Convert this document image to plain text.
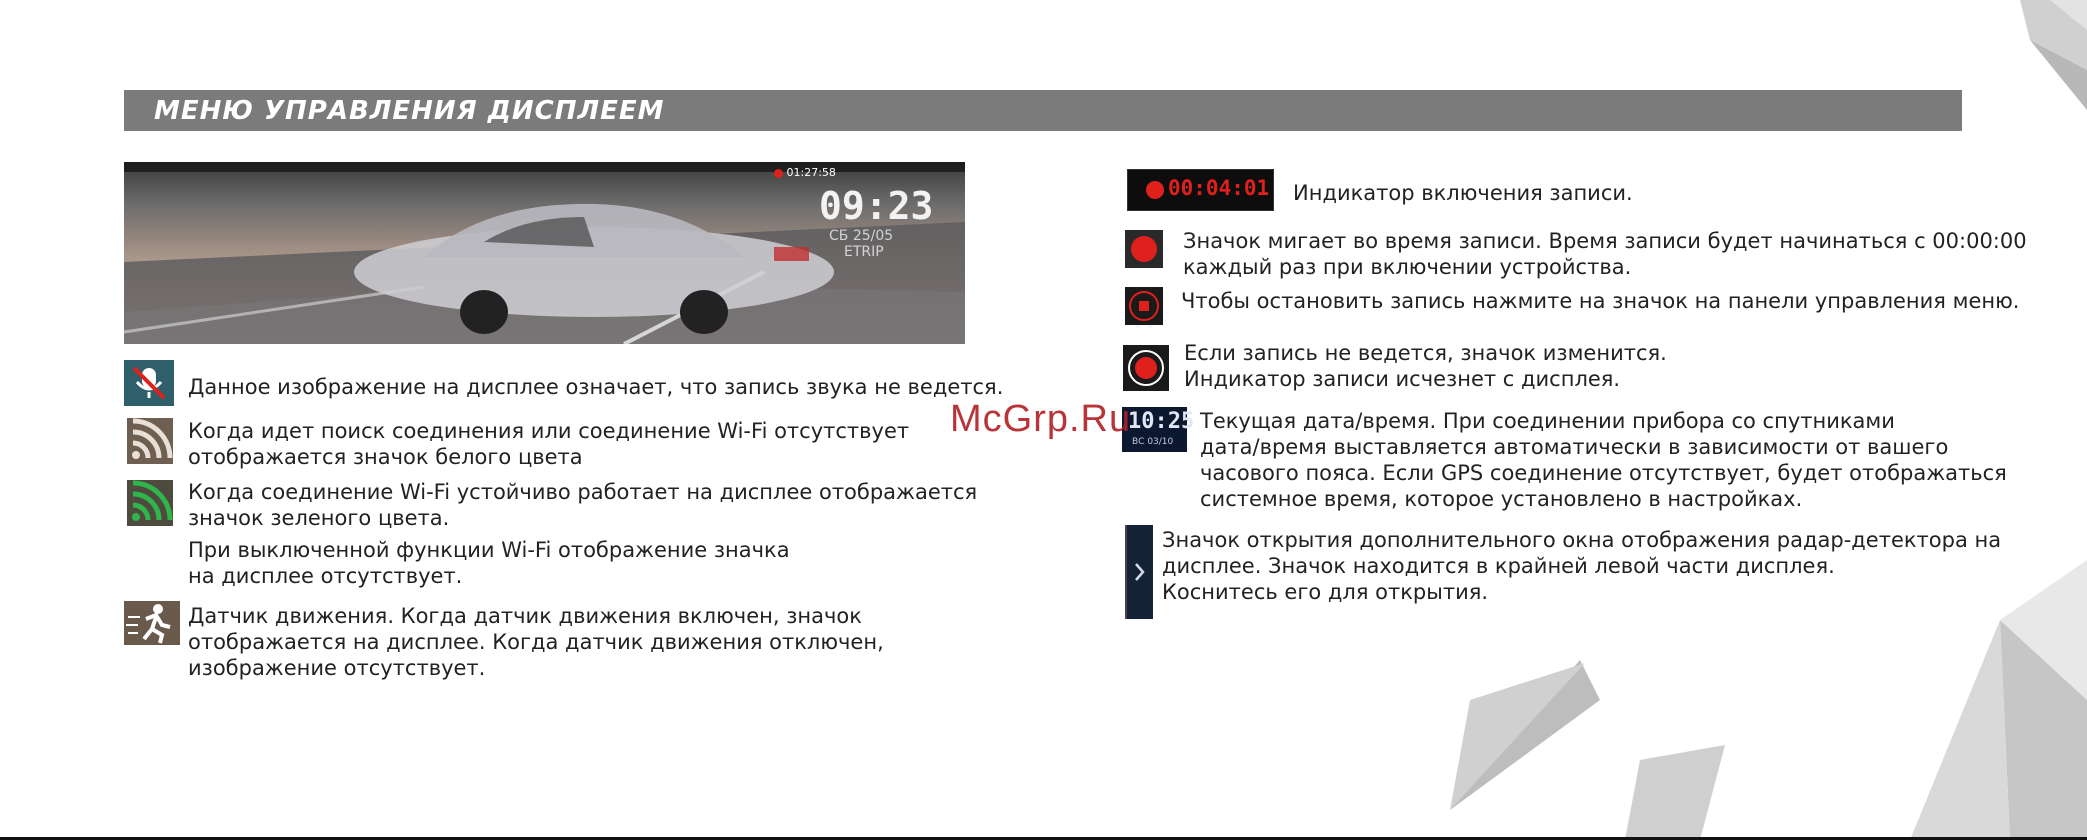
МЕНЮ УПРАВЛЕНИЯ ДИСПЛЕЕМ
01:27:58
09:23
СБ 25/05
ETRIP
Данное изображение на дисплее означает, что запись звука не ведется.
Когда идет поиск соединения или соединение Wi-Fi отсутствует
отображается значок белого цвета
Когда соединение Wi-Fi устойчиво работает на дисплее отображается
значок зеленого цвета.
При выключенной функции Wi-Fi отображение значка
на дисплее отсутствует.
Датчик движения. Когда датчик движения включен, значок
отображается на дисплее. Когда датчик движения отключен,
изображение отсутствует.
00:04:01 Индикатор включения записи.
Значок мигает во время записи. Время записи будет начинаться с 00:00:00
каждый раз при включении устройства.
Чтобы остановить запись нажмите на значок на панели управления меню.
Если запись не ведется, значок изменится.
Индикатор записи исчезнет с дисплея.
10:25
ВС 03/10
Текущая дата/время. При соединении прибора со спутниками
дата/время выставляется автоматически в зависимости от вашего
часового пояса. Если GPS соединение отсутствует, будет отображаться
системное время, которое установлено в настройках.
Значок открытия дополнительного окна отображения радар-детектора на
дисплее. Значок находится в крайней левой части дисплея.
Коснитесь его для открытия.
McGrp.Ru
